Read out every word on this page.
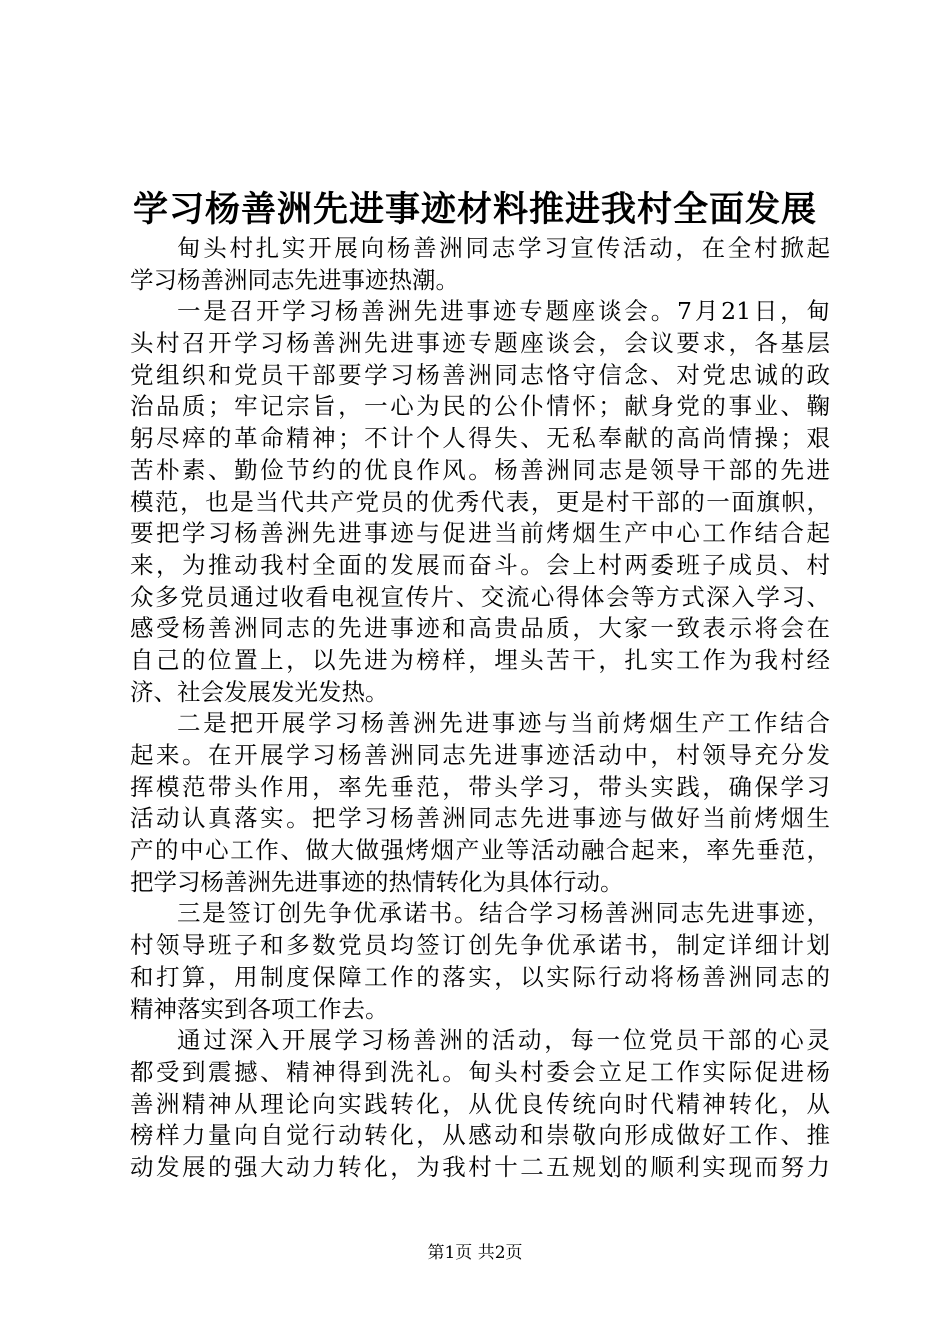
学习杨善洲先进事迹材料推进我村全面发展
甸头村扎实开展向杨善洲同志学习宣传活动，在全村掀起
学习杨善洲同志先进事迹热潮。
一是召开学习杨善洲先进事迹专题座谈会。7月21日，甸
头村召开学习杨善洲先进事迹专题座谈会，会议要求，各基层
党组织和党员干部要学习杨善洲同志恪守信念、对党忠诚的政
治品质；牢记宗旨，一心为民的公仆情怀；献身党的事业、鞠
躬尽瘁的革命精神；不计个人得失、无私奉献的高尚情操；艰
苦朴素、勤俭节约的优良作风。杨善洲同志是领导干部的先进
模范，也是当代共产党员的优秀代表，更是村干部的一面旗帜，
要把学习杨善洲先进事迹与促进当前烤烟生产中心工作结合起
来，为推动我村全面的发展而奋斗。会上村两委班子成员、村
众多党员通过收看电视宣传片、交流心得体会等方式深入学习、
感受杨善洲同志的先进事迹和高贵品质，大家一致表示将会在
自己的位置上，以先进为榜样，埋头苦干，扎实工作为我村经
济、社会发展发光发热。
二是把开展学习杨善洲先进事迹与当前烤烟生产工作结合
起来。在开展学习杨善洲同志先进事迹活动中，村领导充分发
挥模范带头作用，率先垂范，带头学习，带头实践，确保学习
活动认真落实。把学习杨善洲同志先进事迹与做好当前烤烟生
产的中心工作、做大做强烤烟产业等活动融合起来，率先垂范，
把学习杨善洲先进事迹的热情转化为具体行动。
三是签订创先争优承诺书。结合学习杨善洲同志先进事迹，
村领导班子和多数党员均签订创先争优承诺书，制定详细计划
和打算，用制度保障工作的落实，以实际行动将杨善洲同志的
精神落实到各项工作去。
通过深入开展学习杨善洲的活动，每一位党员干部的心灵
都受到震撼、精神得到洗礼。甸头村委会立足工作实际促进杨
善洲精神从理论向实践转化，从优良传统向时代精神转化，从
榜样力量向自觉行动转化，从感动和崇敬向形成做好工作、推
动发展的强大动力转化，为我村十二五规划的顺利实现而努力
第1页 共2页
